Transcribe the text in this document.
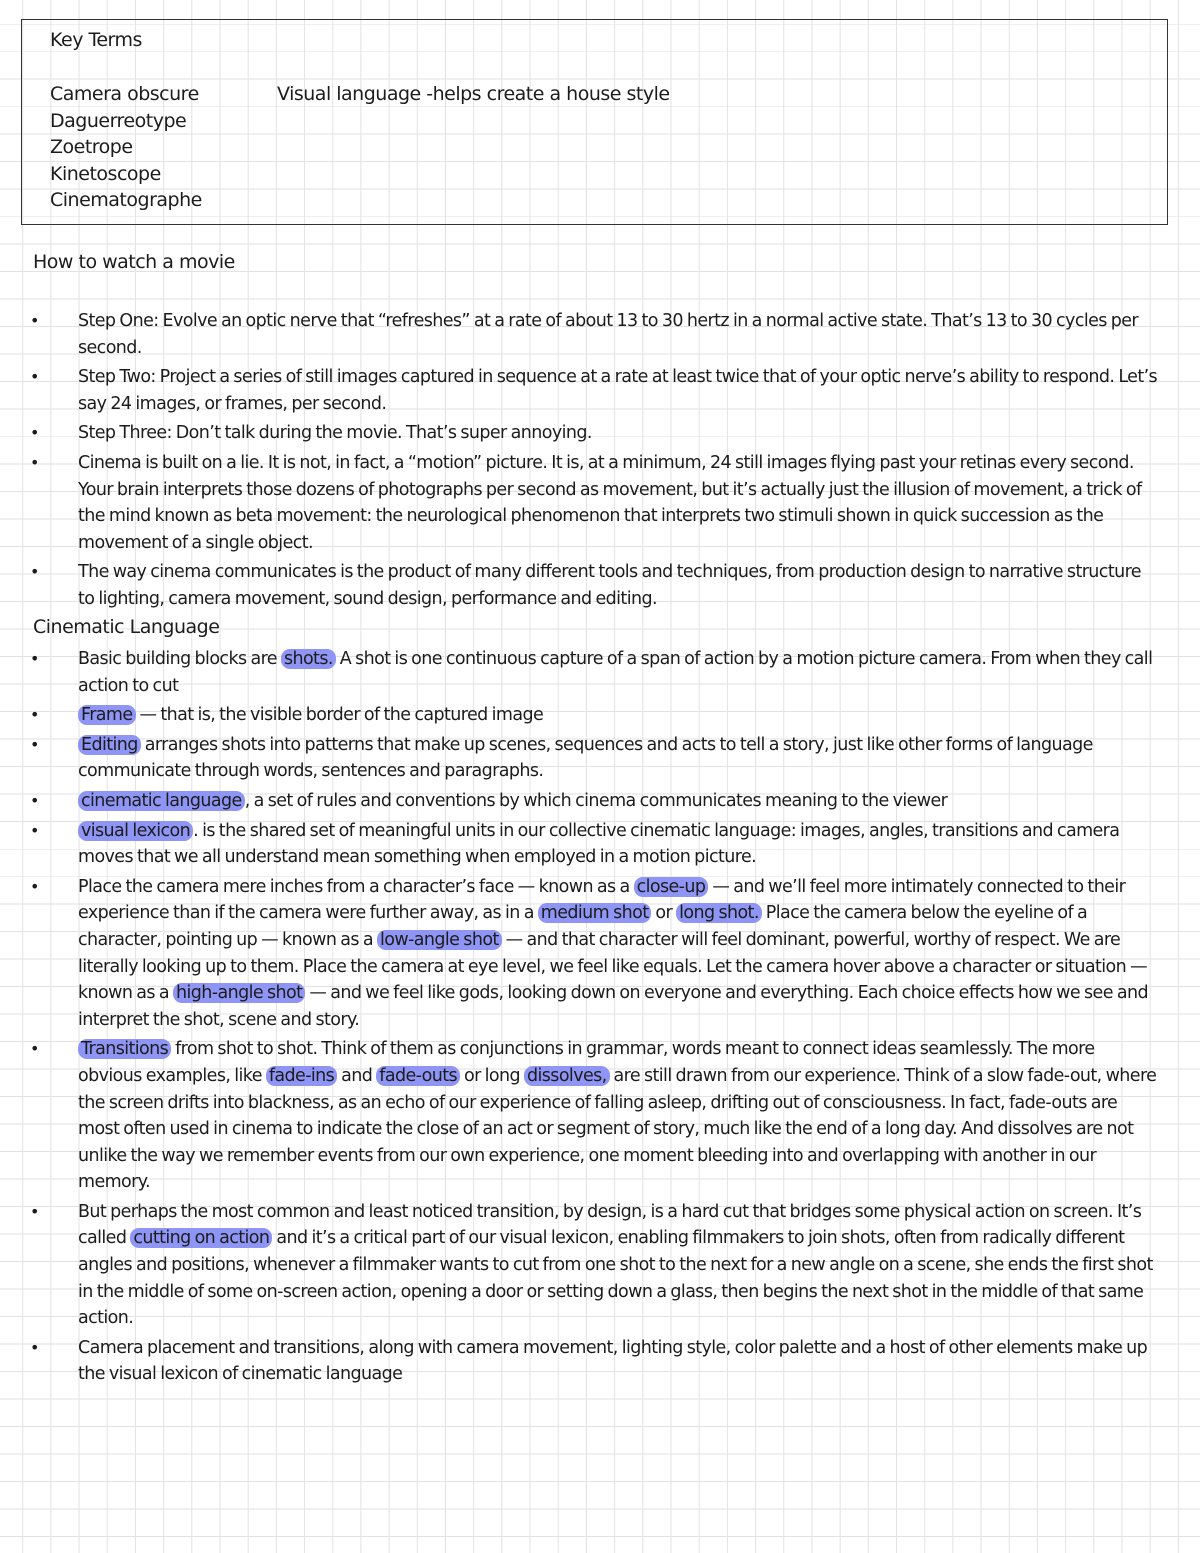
Key Terms
Camera obscure
Daguerreotype
Zoetrope
Kinetoscope
Cinematographe
Visual language -helps create a house style
How to watch a movie
• Step One: Evolve an optic nerve that “refreshes” at a rate of about 13 to 30 hertz in a normal active state. That’s 13 to 30 cycles per second.
• Step Two: Project a series of still images captured in sequence at a rate at least twice that of your optic nerve’s ability to respond. Let’s say 24 images, or frames, per second.
• Step Three: Don’t talk during the movie. That’s super annoying.
• Cinema is built on a lie. It is not, in fact, a “motion” picture. It is, at a minimum, 24 still images flying past your retinas every second. Your brain interprets those dozens of photographs per second as movement, but it’s actually just the illusion of movement, a trick of the mind known as beta movement: the neurological phenomenon that interprets two stimuli shown in quick succession as the movement of a single object.
• The way cinema communicates is the product of many different tools and techniques, from production design to narrative structure to lighting, camera movement, sound design, performance and editing.
Cinematic Language
• Basic building blocks are shots. A shot is one continuous capture of a span of action by a motion picture camera. From when they call action to cut
• Frame — that is, the visible border of the captured image
• Editing arranges shots into patterns that make up scenes, sequences and acts to tell a story, just like other forms of language communicate through words, sentences and paragraphs.
• cinematic language , a set of rules and conventions by which cinema communicates meaning to the viewer
• visual lexicon . is the shared set of meaningful units in our collective cinematic language: images, angles, transitions and camera moves that we all understand mean something when employed in a motion picture.
• Place the camera mere inches from a character’s face — known as a close-up — and we’ll feel more intimately connected to their experience than if the camera were further away, as in a medium shot or long shot. Place the camera below the eyeline of a character, pointing up — known as a low-angle shot — and that character will feel dominant, powerful, worthy of respect. We are literally looking up to them. Place the camera at eye level, we feel like equals. Let the camera hover above a character or situation — known as a high-angle shot — and we feel like gods, looking down on everyone and everything. Each choice effects how we see and interpret the shot, scene and story.
• Transitions from shot to shot. Think of them as conjunctions in grammar, words meant to connect ideas seamlessly. The more obvious examples, like fade-ins and fade-outs or long dissolves, are still drawn from our experience. Think of a slow fade-out, where the screen drifts into blackness, as an echo of our experience of falling asleep, drifting out of consciousness. In fact, fade-outs are most often used in cinema to indicate the close of an act or segment of story, much like the end of a long day. And dissolves are not unlike the way we remember events from our own experience, one moment bleeding into and overlapping with another in our memory.
• But perhaps the most common and least noticed transition, by design, is a hard cut that bridges some physical action on screen. It’s called cutting on action and it’s a critical part of our visual lexicon, enabling filmmakers to join shots, often from radically different angles and positions, whenever a filmmaker wants to cut from one shot to the next for a new angle on a scene, she ends the first shot in the middle of some on-screen action, opening a door or setting down a glass, then begins the next shot in the middle of that same action.
• Camera placement and transitions, along with camera movement, lighting style, color palette and a host of other elements make up the visual lexicon of cinematic language
